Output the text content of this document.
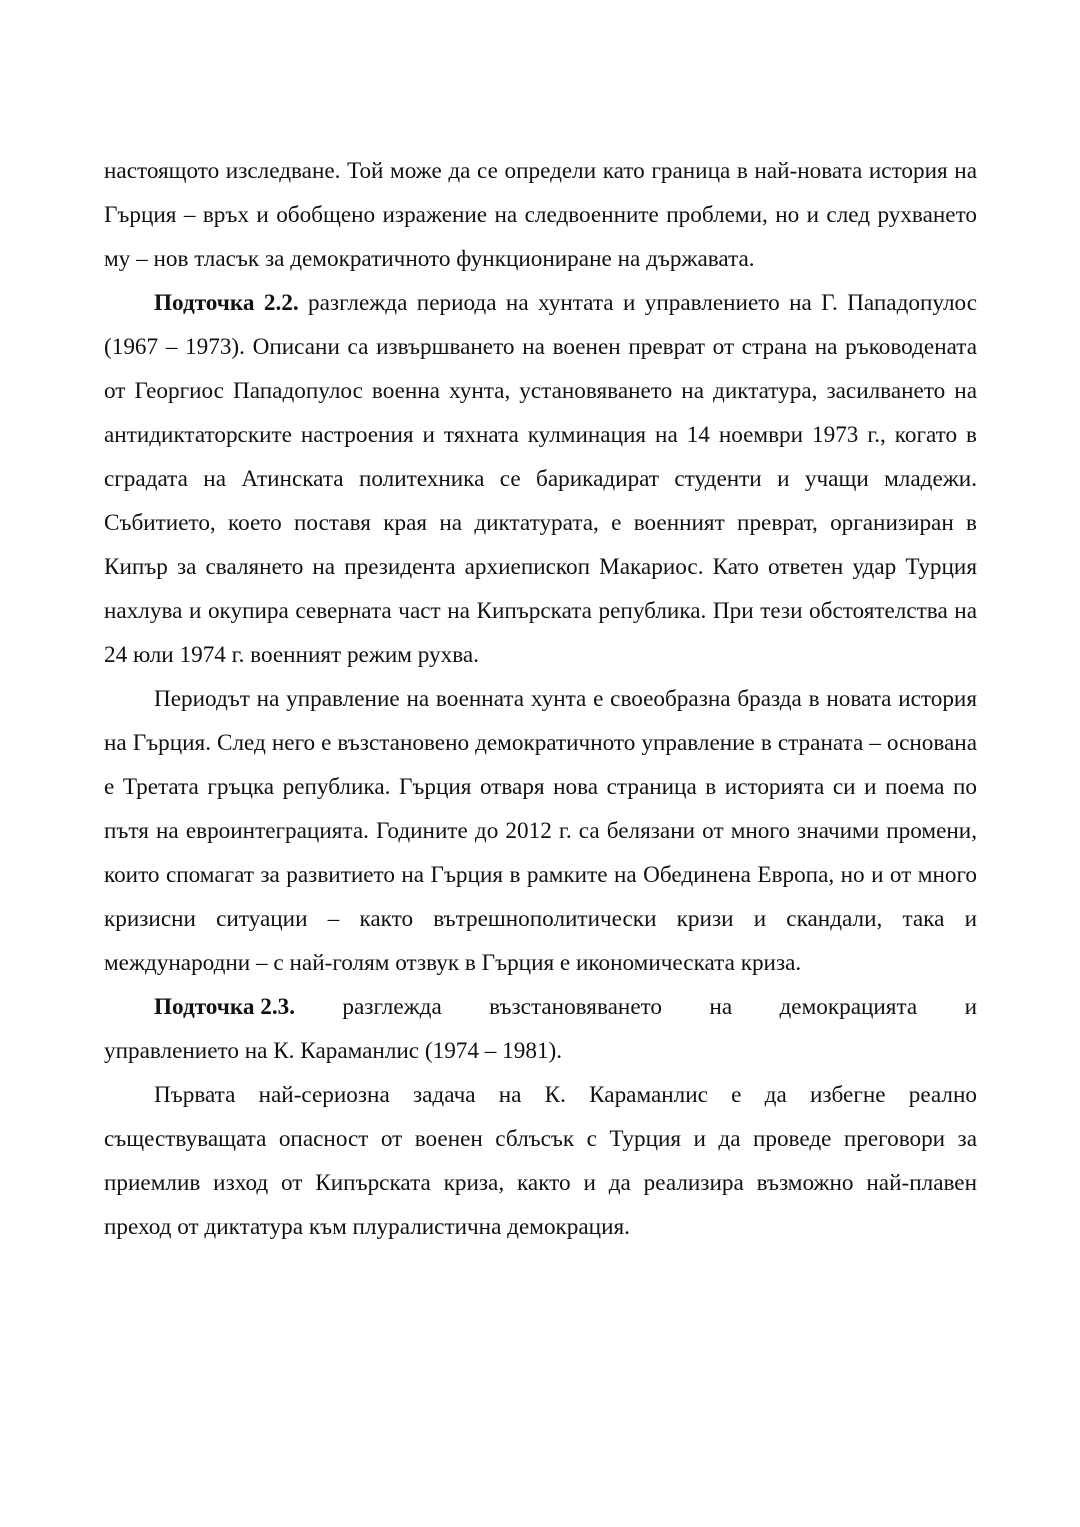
настоящото изследване. Той може да се определи като граница в най-новата история на Гърция – връх и обобщено изражение на следвоенните проблеми, но и след рухването му – нов тласък за демократичното функциониране на държавата.

Подточка 2.2. разглежда периода на хунтата и управлението на Г. Пападопулос (1967 – 1973). Описани са извършването на военен преврат от страна на ръководената от Георгиос Пападопулос военна хунта, установяването на диктатура, засилването на антидиктаторските настроения и тяхната кулминация на 14 ноември 1973 г., когато в сградата на Атинската политехника се барикадират студенти и учащи младежи. Събитието, което поставя края на диктатурата, е военният преврат, организиран в Кипър за свалянето на президента архиепископ Макариос. Като ответен удар Турция нахлува и окупира северната част на Кипърската република. При тези обстоятелства на 24 юли 1974 г. военният режим рухва.

Периодът на управление на военната хунта е своеобразна бразда в новата история на Гърция. След него е възстановено демократичното управление в страната – основана е Третата гръцка република. Гърция отваря нова страница в историята си и поема по пътя на евроинтеграцията. Годините до 2012 г. са белязани от много значими промени, които спомагат за развитието на Гърция в рамките на Обединена Европа, но и от много кризисни ситуации – както вътрешнополитически кризи и скандали, така и международни – с най-голям отзвук в Гърция е икономическата криза.

Подточка 2.3. разглежда възстановяването на демокрацията и

управлението на К. Караманлис (1974 – 1981).

Първата най-сериозна задача на К. Караманлис е да избегне реално съществуващата опасност от военен сблъсък с Турция и да проведе преговори за приемлив изход от Кипърската криза, както и да реализира възможно най-плавен преход от диктатура към плуралистична демокрация.
